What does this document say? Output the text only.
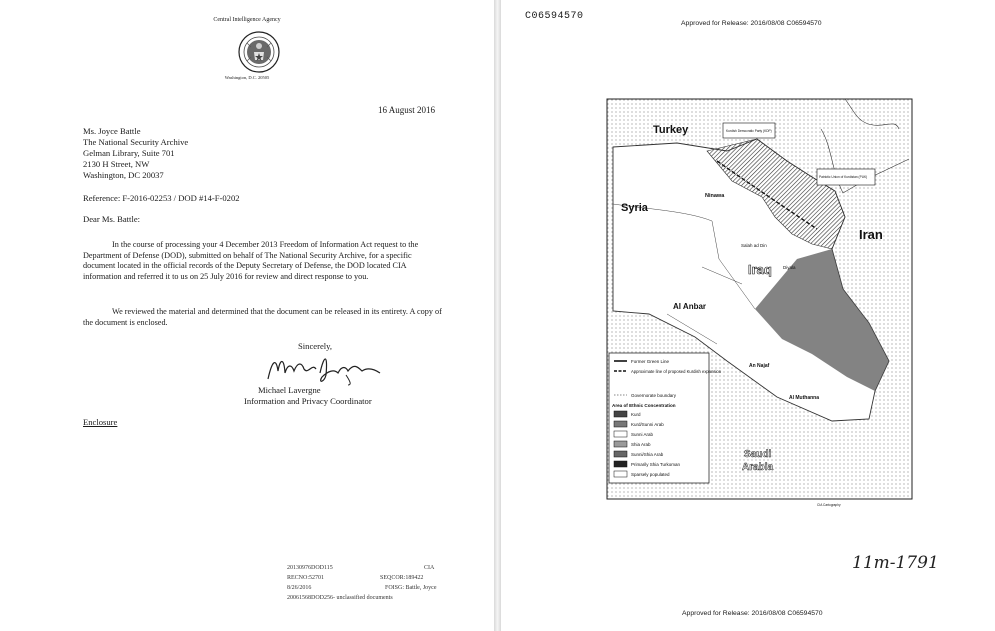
Central Intelligence Agency
Washington, D.C. 20505
16 August 2016
Ms. Joyce Battle
The National Security Archive
Gelman Library, Suite 701
2130 H Street, NW
Washington, DC 20037
Reference: F-2016-02253 / DOD #14-F-0202
Dear Ms. Battle:

In the course of processing your 4 December 2013 Freedom of Information Act request to the Department of Defense (DOD), submitted on behalf of The National Security Archive, for a specific document located in the official records of the Deputy Secretary of Defense, the DOD located CIA information and referred it to us on 25 July 2016 for review and direct response to you.

We reviewed the material and determined that the document can be released in its entirety. A copy of the document is enclosed.

Sincerely,
Michael Lavergne
Information and Privacy Coordinator
Enclosure
20130976DOD115	CIA
RECNO:52701	SEQCOR:189422
8/26/2016	FOISG: Battle, Joyce
20061568DOD256- unclassified documents
C06594570
Approved for Release: 2016/08/08 C06594570
Approved for Release: 2016/08/08 C06594570
Turkey
Syria
Iran
Iraq
Al Anbar
Ninawa
Salah ad Din
Diyala
An Najaf
Al Muthanna
Saudi
Arabia
Kurdish Democratic Party (KDP)
Patriotic Union of Kurdistan (PUK)
Former Green Line
Approximate line of proposed Kurdish expansion
Governorate boundary
Area of Ethnic Concentration
Kurd
Kurd/Sunni Arab
Sunni Arab
Shia Arab
Sunni/Shia Arab
Primarily Shia Turkoman
Sparsely populated
CIA Cartography
11m-1791
